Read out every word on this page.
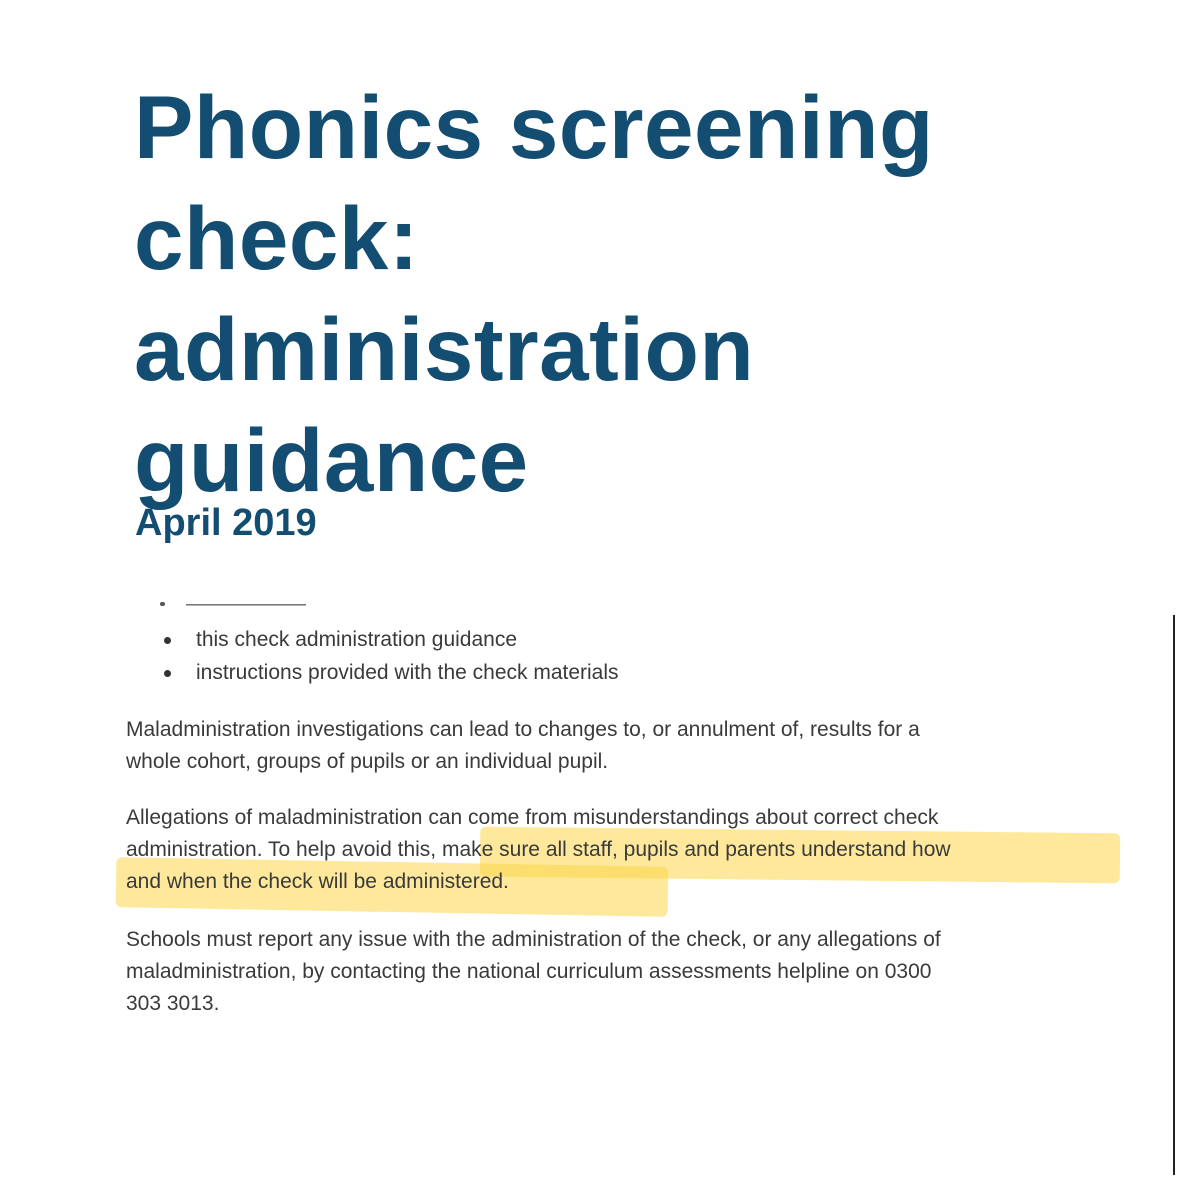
Phonics screening
check:
administration
guidance
April 2019
——————
this check administration guidance
instructions provided with the check materials

Maladministration investigations can lead to changes to, or annulment of, results for a
whole cohort, groups of pupils or an individual pupil.

Allegations of maladministration can come from misunderstandings about correct check
administration. To help avoid this, make sure all staff, pupils and parents understand how
and when the check will be administered.

Schools must report any issue with the administration of the check, or any allegations of
maladministration, by contacting the national curriculum assessments helpline on 0300
303 3013.
